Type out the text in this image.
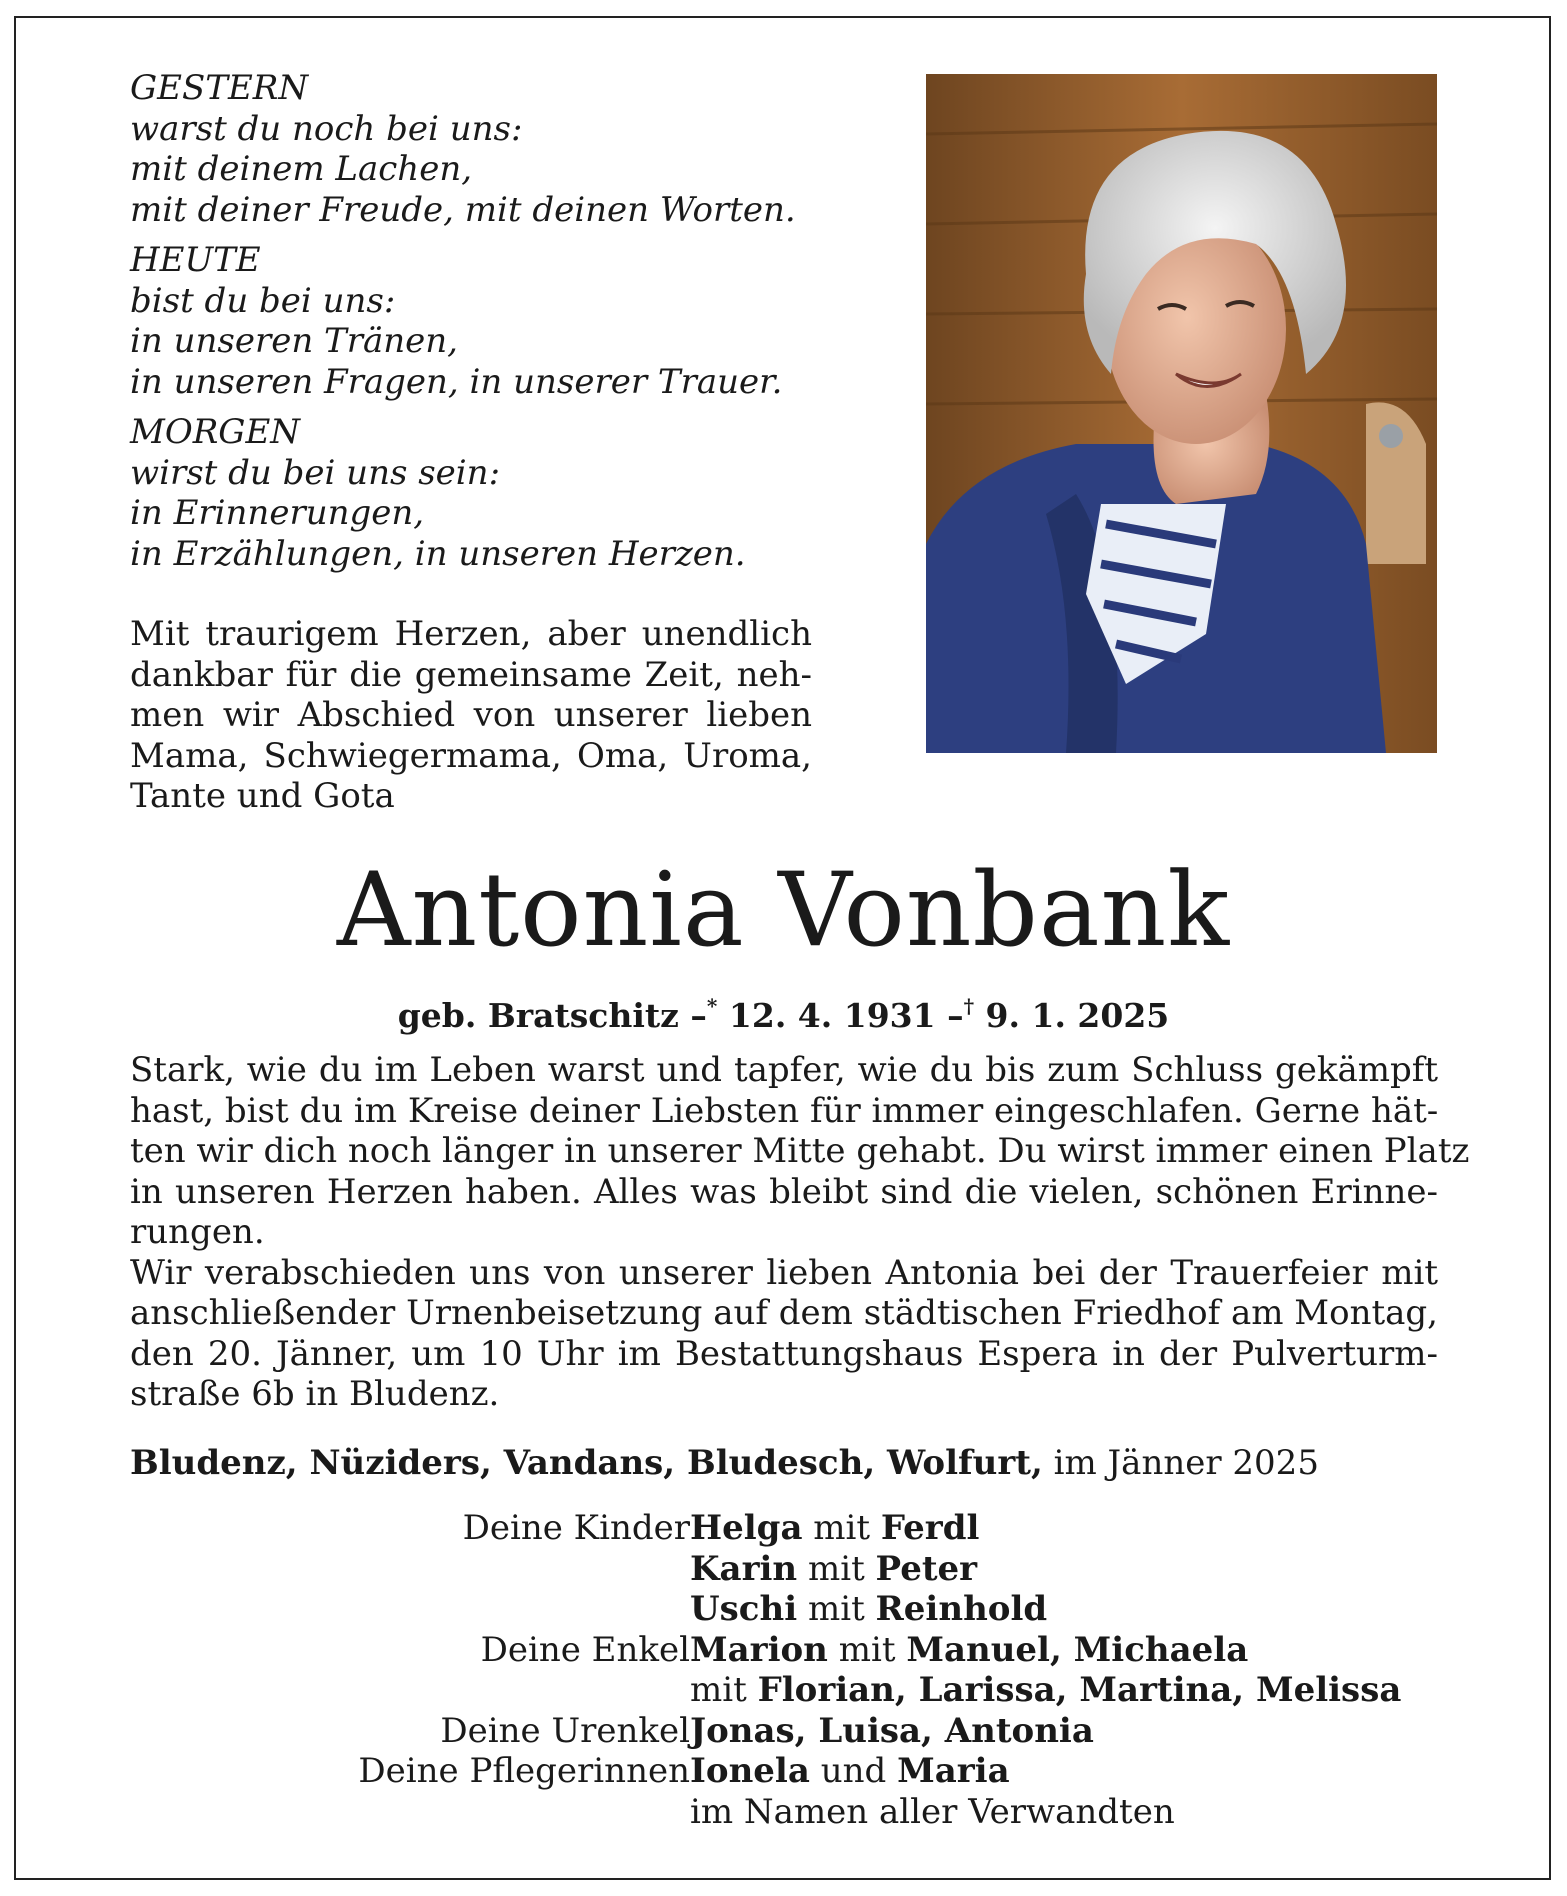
GESTERN
warst du noch bei uns:
mit deinem Lachen,
mit deiner Freude, mit deinen Worten.
HEUTE
bist du bei uns:
in unseren Tränen,
in unseren Fragen, in unserer Trauer.
MORGEN
wirst du bei uns sein:
in Erinnerungen,
in Erzählungen, in unseren Herzen.
Mit traurigem Herzen, aber unendlich
dankbar für die gemeinsame Zeit, neh-
men wir Abschied von unserer lieben
Mama, Schwiegermama, Oma, Uroma,
Tante und Gota
Antonia Vonbank
geb. Bratschitz –* 12. 4. 1931 –† 9. 1. 2025
Stark, wie du im Leben warst und tapfer, wie du bis zum Schluss gekämpft
hast, bist du im Kreise deiner Liebsten für immer eingeschlafen. Gerne hät-
ten wir dich noch länger in unserer Mitte gehabt. Du wirst immer einen Platz
in unseren Herzen haben. Alles was bleibt sind die vielen, schönen Erinne-
rungen.
Wir verabschieden uns von unserer lieben Antonia bei der Trauerfeier mit
anschließender Urnenbeisetzung auf dem städtischen Friedhof am Montag,
den 20. Jänner, um 10 Uhr im Bestattungshaus Espera in der Pulverturm-
straße 6b in Bludenz.
Bludenz, Nüziders, Vandans, Bludesch, Wolfurt, im Jänner 2025
Deine Kinder Helga mit Ferdl
Karin mit Peter
Uschi mit Reinhold
Deine Enkel Marion mit Manuel, Michaela
mit Florian, Larissa, Martina, Melissa
Deine Urenkel Jonas, Luisa, Antonia
Deine Pflegerinnen Ionela und Maria
im Namen aller Verwandten
